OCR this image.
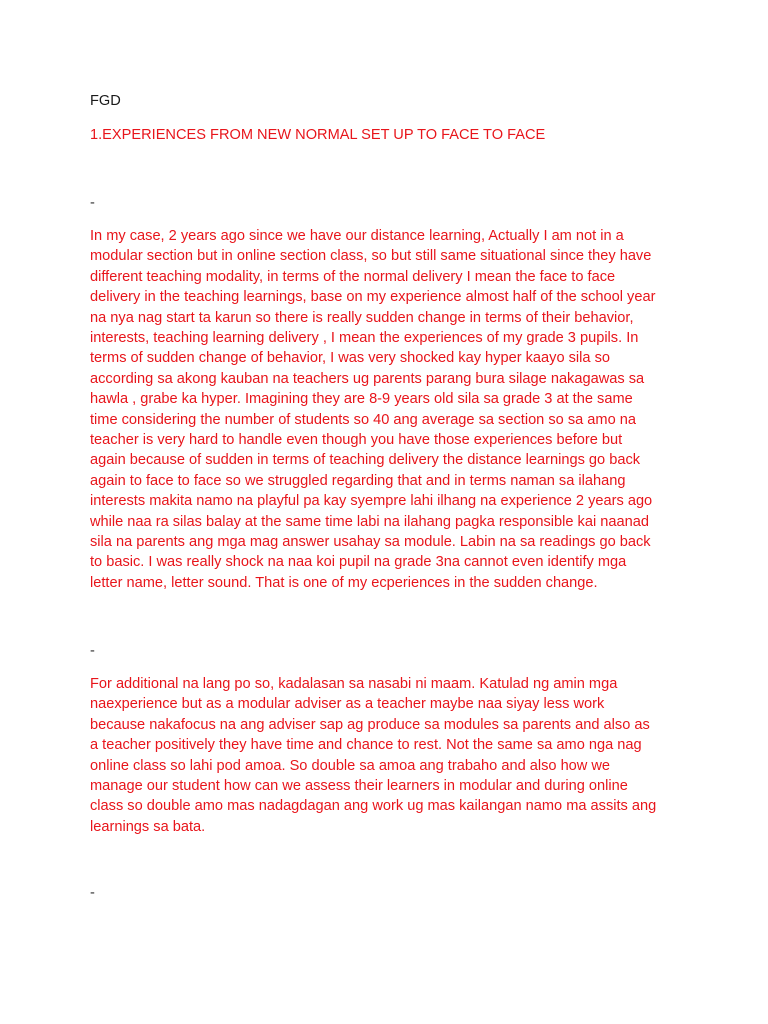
FGD

1.EXPERIENCES FROM NEW NORMAL SET UP TO FACE TO FACE

-

In my case, 2 years ago since we have our distance learning, Actually I am not in a

modular section but in online section class, so but still same situational since they have

different teaching modality, in terms of the normal delivery I mean the face to face

delivery in the teaching learnings, base on my experience almost half of the school year

na nya nag start ta karun so there is really sudden change in terms of their behavior,

interests, teaching learning delivery , I mean the experiences of my grade 3 pupils. In

terms of sudden change of behavior, I was very shocked kay hyper kaayo sila so

according sa akong kauban na teachers ug parents parang bura silage nakagawas sa

hawla , grabe ka hyper. Imagining they are 8-9 years old sila sa grade 3 at the same

time considering the number of students so 40 ang average sa section so sa amo na

teacher is very hard to handle even though you have those experiences before but

again because of sudden in terms of teaching delivery the distance learnings go back

again to face to face so we struggled regarding that and in terms naman sa ilahang

interests makita namo na playful pa kay syempre lahi ilhang na experience 2 years ago

while naa ra silas balay at the same time labi na ilahang pagka responsible kai naanad

sila na parents ang mga mag answer usahay sa module. Labin na sa readings go back

to basic. I was really shock na naa koi pupil na grade 3na cannot even identify mga

letter name, letter sound. That is one of my ecperiences in the sudden change.

-

For additional na lang po so, kadalasan sa nasabi ni maam. Katulad ng amin mga

naexperience but as a modular adviser as a teacher maybe naa siyay less work

because nakafocus na ang adviser sap ag produce sa modules sa parents and also as

a teacher positively they have time and chance to rest. Not the same sa amo nga nag

online class so lahi pod amoa. So double sa amoa ang trabaho and also how we

manage our student how can we assess their learners in modular and during online

class so double amo mas nadagdagan ang work ug mas kailangan namo ma assits ang

learnings sa bata.

-
